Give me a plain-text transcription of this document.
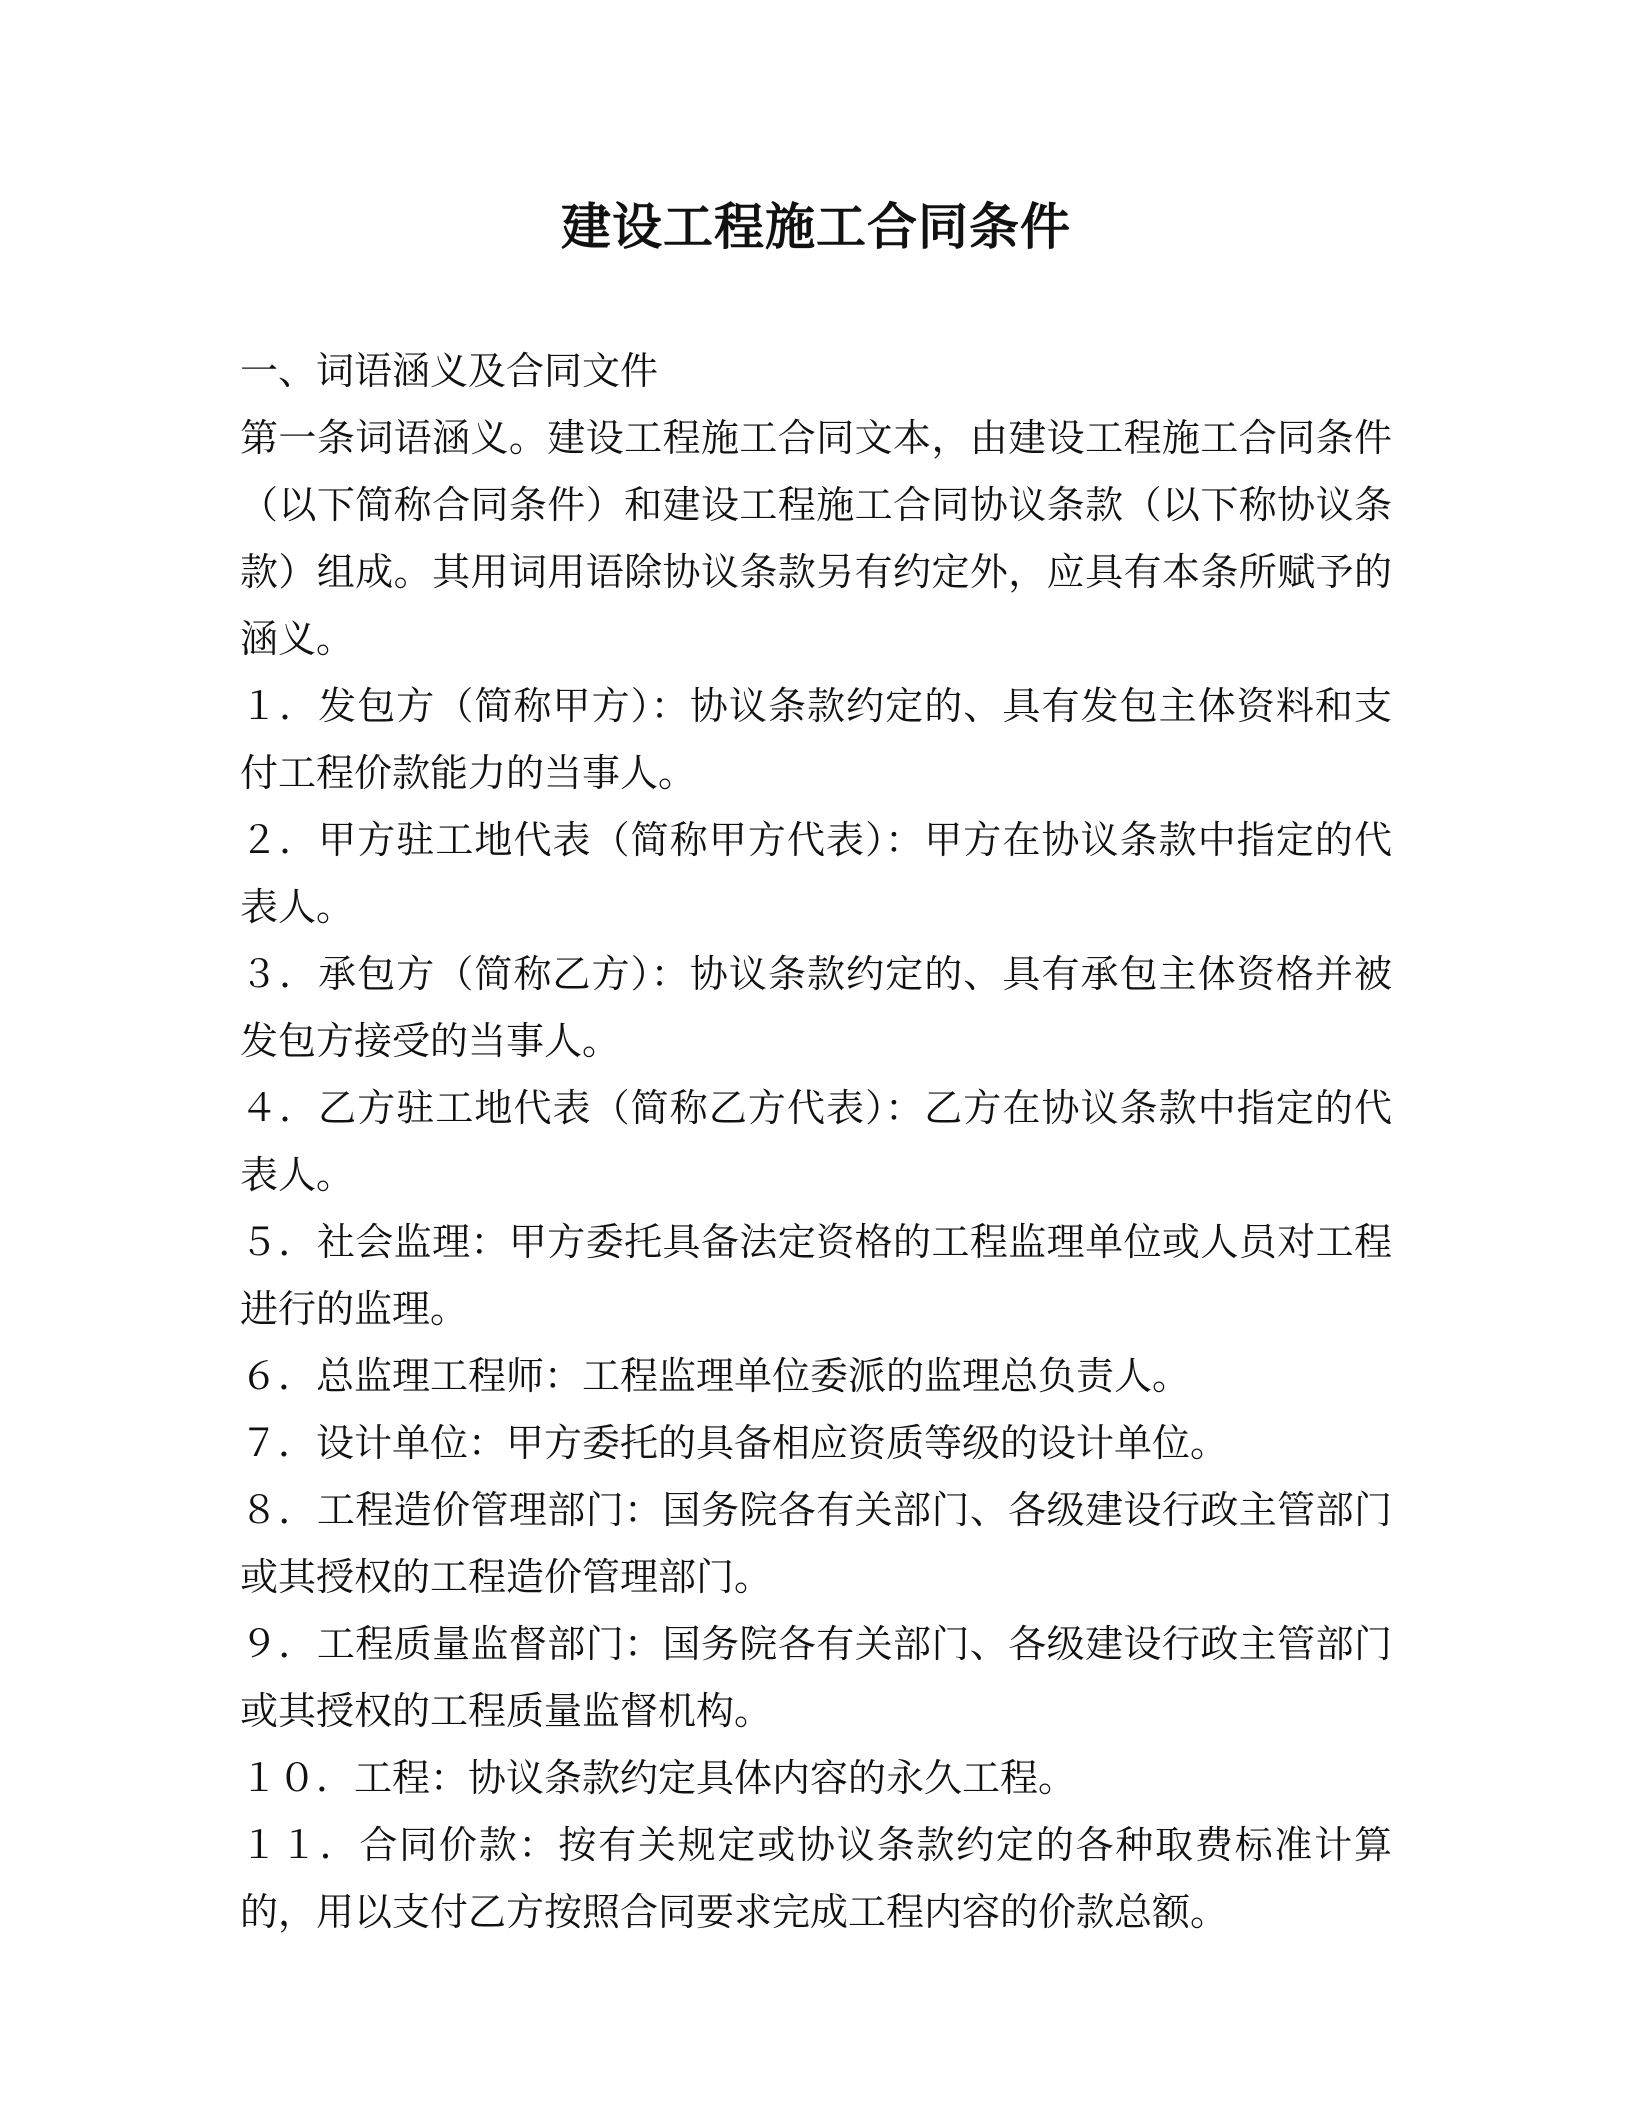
建设工程施工合同条件

一、词语涵义及合同文件

第一条词语涵义。建设工程施工合同文本，由建设工程施工合同条件（以下简称合同条件）和建设工程施工合同协议条款（以下称协议条款）组成。其用词用语除协议条款另有约定外，应具有本条所赋予的涵义。

１．发包方（简称甲方）：协议条款约定的、具有发包主体资料和支付工程价款能力的当事人。

２．甲方驻工地代表（简称甲方代表）：甲方在协议条款中指定的代表人。

３．承包方（简称乙方）：协议条款约定的、具有承包主体资格并被发包方接受的当事人。

４．乙方驻工地代表（简称乙方代表）：乙方在协议条款中指定的代表人。

５．社会监理：甲方委托具备法定资格的工程监理单位或人员对工程进行的监理。

６．总监理工程师：工程监理单位委派的监理总负责人。

７．设计单位：甲方委托的具备相应资质等级的设计单位。

８．工程造价管理部门：国务院各有关部门、各级建设行政主管部门或其授权的工程造价管理部门。

９．工程质量监督部门：国务院各有关部门、各级建设行政主管部门或其授权的工程质量监督机构。

１０．工程：协议条款约定具体内容的永久工程。

１１．合同价款：按有关规定或协议条款约定的各种取费标准计算的，用以支付乙方按照合同要求完成工程内容的价款总额。
